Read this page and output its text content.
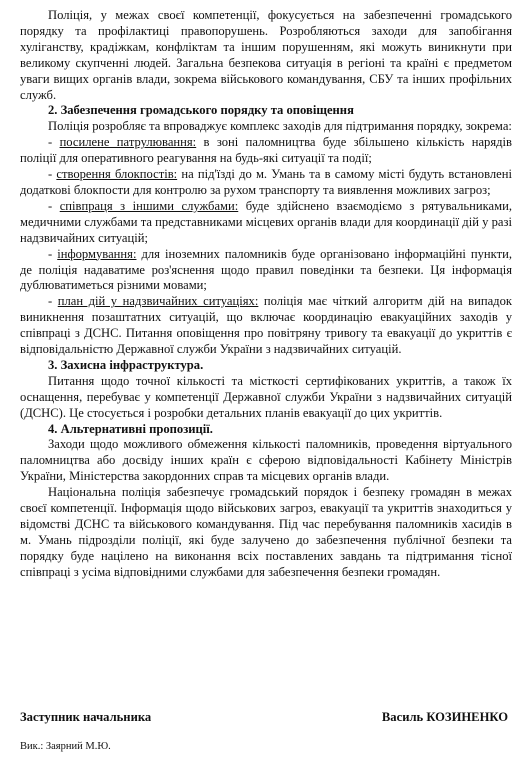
Поліція, у межах своєї компетенції, фокусується на забезпеченні громадського порядку та профілактиці правопорушень. Розробляються заходи для запобігання хуліганству, крадіжкам, конфліктам та іншим порушенням, які можуть виникнути при великому скупченні людей. Загальна безпекова ситуація в регіоні та країні є предметом уваги вищих органів влади, зокрема військового командування, СБУ та інших профільних служб.

2. Забезпечення громадського порядку та оповіщення

Поліція розробляє та впроваджує комплекс заходів для підтримання порядку, зокрема:

- посилене патрулювання: в зоні паломництва буде збільшено кількість нарядів поліції для оперативного реагування на будь-які ситуації та події;

- створення блокпостів: на під'їзді до м. Умань та в самому місті будуть встановлені додаткові блокпости для контролю за рухом транспорту та виявлення можливих загроз;

- співпраця з іншими службами: буде здійснено взаємодіємо з рятувальниками, медичними службами та представниками місцевих органів влади для координації дій у разі надзвичайних ситуацій;

- інформування: для іноземних паломників буде організовано інформаційні пункти, де поліція надаватиме роз'яснення щодо правил поведінки та безпеки. Ця інформація дублюватиметься різними мовами;

- план дій у надзвичайних ситуаціях: поліція має чіткий алгоритм дій на випадок виникнення позаштатних ситуацій, що включає координацію евакуаційних заходів у співпраці з ДСНС. Питання оповіщення про повітряну тривогу та евакуації до укриттів є відповідальністю Державної служби України з надзвичайних ситуацій.

3. Захисна інфраструктура.

Питання щодо точної кількості та місткості сертифікованих укриттів, а також їх оснащення, перебуває у компетенції Державної служби України з надзвичайних ситуацій (ДСНС). Це стосується і розробки детальних планів евакуації до цих укриттів.

4. Альтернативні пропозиції.

Заходи щодо можливого обмеження кількості паломників, проведення віртуального паломництва або досвіду інших країн є сферою відповідальності Кабінету Міністрів України, Міністерства закордонних справ та місцевих органів влади.

Національна поліція забезпечує громадський порядок і безпеку громадян в межах своєї компетенції. Інформація щодо військових загроз, евакуації та укриттів знаходиться у відомстві ДСНС та військового командування. Під час перебування паломників хасидів в м. Умань підрозділи поліції, які буде залучено до забезпечення публічної безпеки та порядку буде націлено на виконання всіх поставлених завдань та підтримання тісної співпраці з усіма відповідними службами для забезпечення безпеки громадян.

Заступник начальника	Василь КОЗИНЕНКО
Вик.: Заярний М.Ю.
